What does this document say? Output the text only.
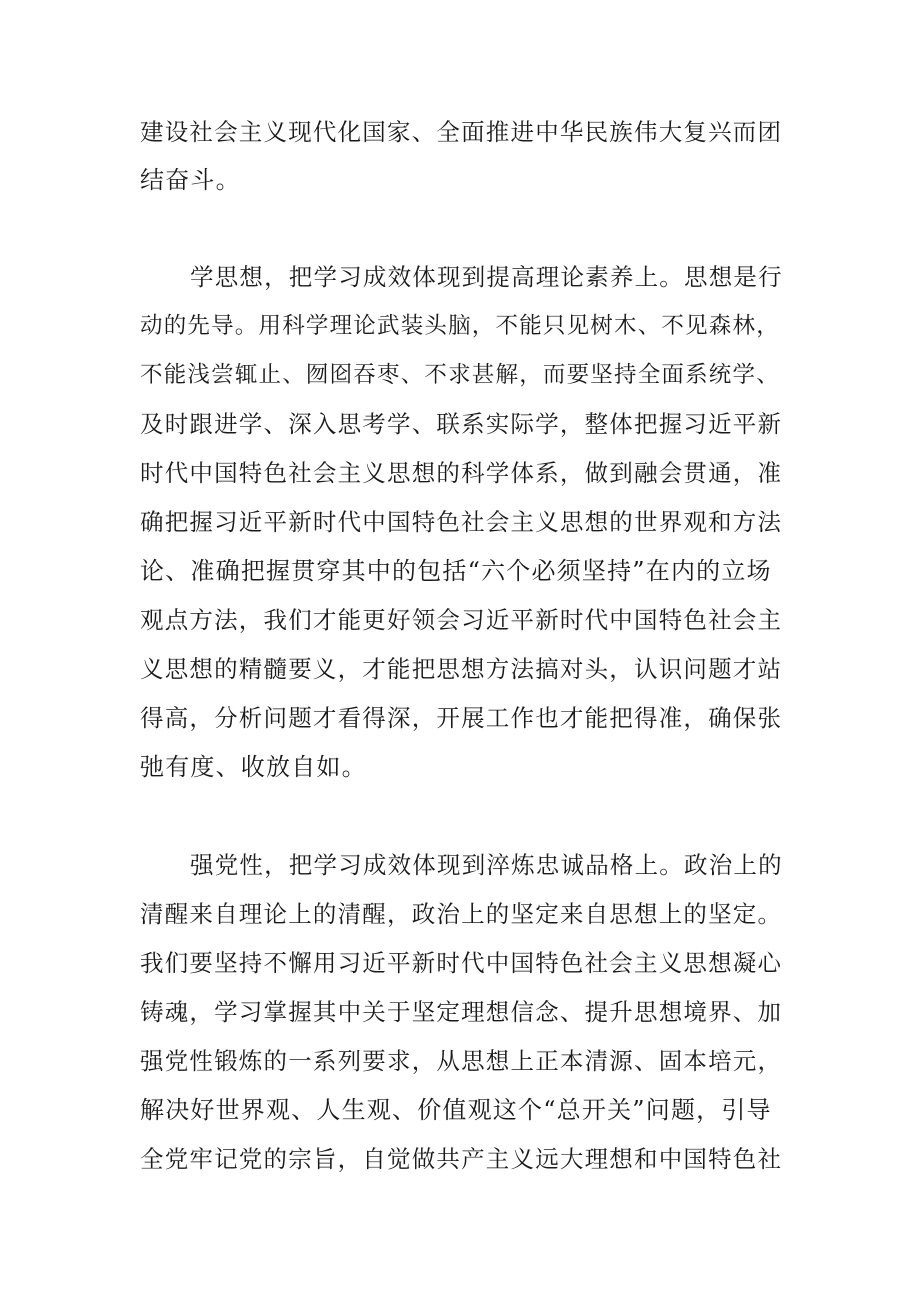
建设社会主义现代化国家、全面推进中华民族伟大复兴而团
结奋斗。
学思想，把学习成效体现到提高理论素养上。思想是行
动的先导。用科学理论武装头脑，不能只见树木、不见森林，
不能浅尝辄止、囫囵吞枣、不求甚解，而要坚持全面系统学、
及时跟进学、深入思考学、联系实际学，整体把握习近平新
时代中国特色社会主义思想的科学体系，做到融会贯通，准
确把握习近平新时代中国特色社会主义思想的世界观和方法
论、准确把握贯穿其中的包括“六个必须坚持”在内的立场
观点方法，我们才能更好领会习近平新时代中国特色社会主
义思想的精髓要义，才能把思想方法搞对头，认识问题才站
得高，分析问题才看得深，开展工作也才能把得准，确保张
弛有度、收放自如。
强党性，把学习成效体现到淬炼忠诚品格上。政治上的
清醒来自理论上的清醒，政治上的坚定来自思想上的坚定。
我们要坚持不懈用习近平新时代中国特色社会主义思想凝心
铸魂，学习掌握其中关于坚定理想信念、提升思想境界、加
强党性锻炼的一系列要求，从思想上正本清源、固本培元，
解决好世界观、人生观、价值观这个“总开关”问题，引导
全党牢记党的宗旨，自觉做共产主义远大理想和中国特色社
